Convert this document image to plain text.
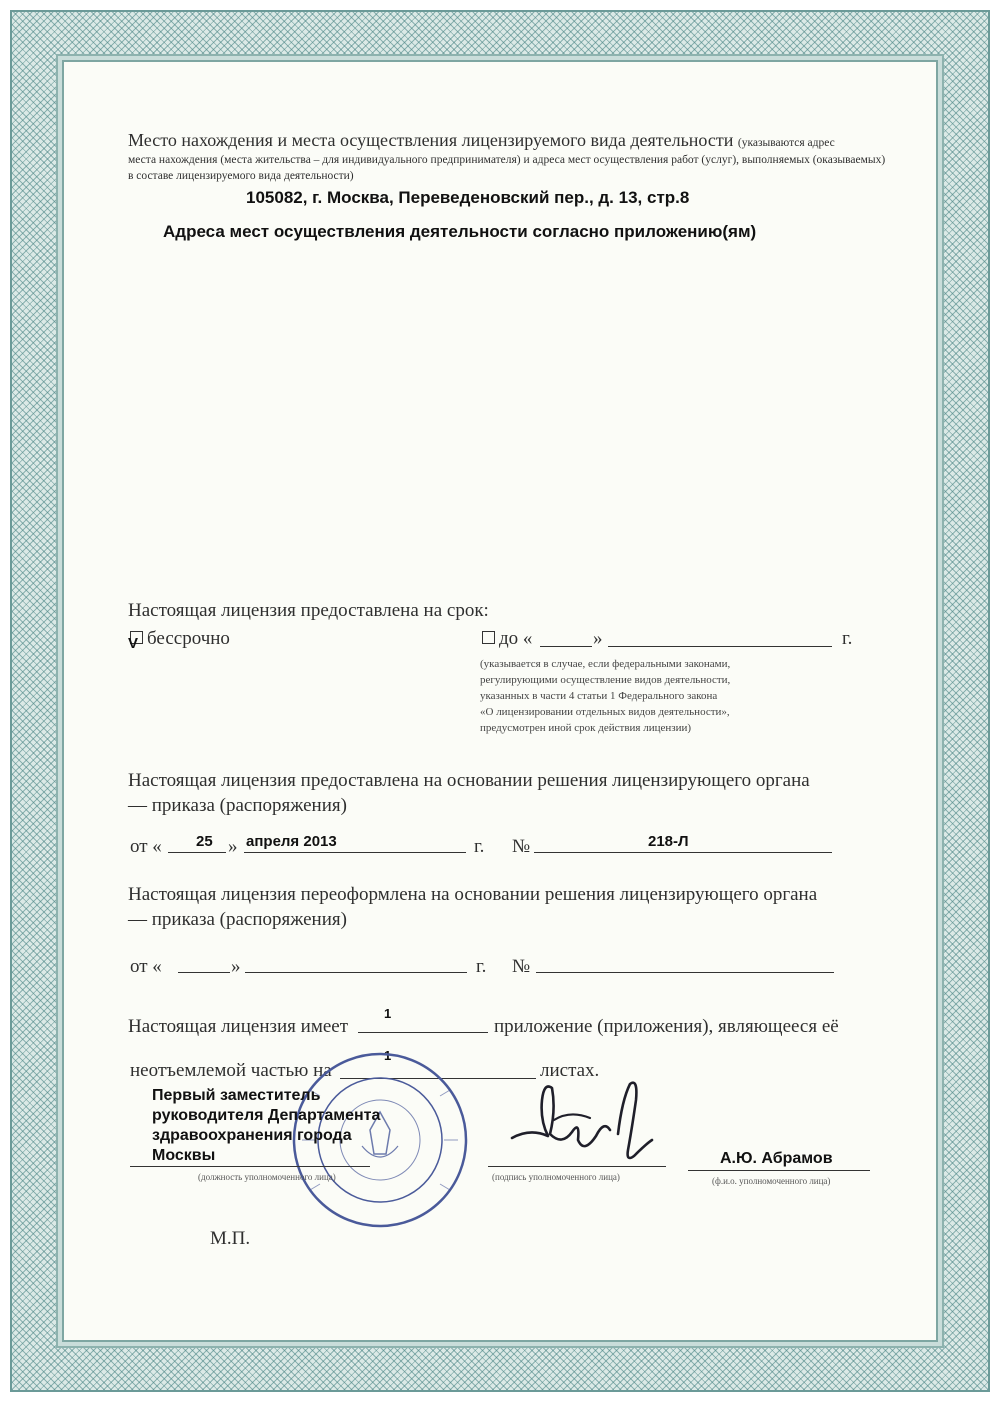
Место нахождения и места осуществления лицензируемого вида деятельности (указываются адрес
места нахождения (места жительства – для индивидуального предпринимателя) и адреса мест осуществления работ (услуг), выполняемых (оказываемых)
в составе лицензируемого вида деятельности)
105082, г. Москва, Переведеновский пер., д. 13, стр.8
Адреса мест осуществления деятельности согласно приложению(ям)
Настоящая лицензия предоставлена на срок:
бессрочно
V	до «	»	г.
(указывается в случае, если федеральными законами,
регулирующими осуществление видов деятельности,
указанных в части 4 статьи 1 Федерального закона
«О лицензировании отдельных видов деятельности»,
предусмотрен иной срок действия лицензии)
Настоящая лицензия предоставлена на основании решения лицензирующего органа
— приказа (распоряжения)
от « 25 » апреля 2013	г. №	218-Л
Настоящая лицензия переоформлена на основании решения лицензирующего органа
— приказа (распоряжения)
от «	»	г. №
Настоящая лицензия имеет
1
приложение (приложения), являющееся её
неотъемлемой частью на
1
листах.
Первый заместитель
руководителя Департамента
здравоохранения города
Москвы
(должность уполномоченного лица)	(подпись уполномоченного лица)
А.Ю. Абрамов
(ф.и.о. уполномоченного лица)
М.П.
